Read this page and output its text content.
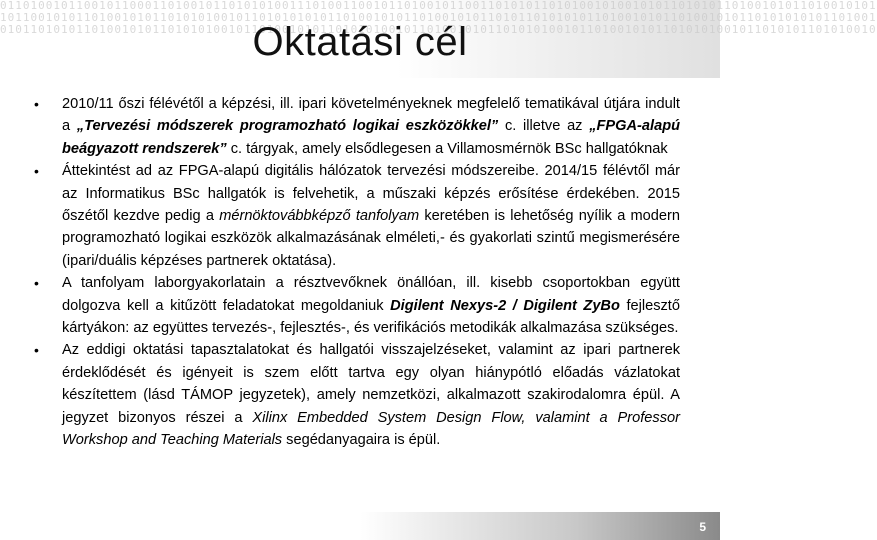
0110100101100101100011010010110101010011101001100101101001011001101010110101001010010101101010110100101011010010101
1011001010110100101011010101001011010101010110100101011010010101101011010101011010010101101001010110101010101101001
0101101010110100101011010101001011010010101101010100101101001010110101010010110100101011010101001011010101101010010
Oktatási cél
• 2010/11 őszi félévétől a képzési, ill. ipari követelményeknek megfelelő tematikával útjára indult a „Tervezési módszerek programozható logikai eszközökkel” c. illetve az „FPGA-alapú beágyazott rendszerek” c. tárgyak, amely elsődlegesen a Villamosmérnök BSc hallgatóknak
• Áttekintést ad az FPGA-alapú digitális hálózatok tervezési módszereibe. 2014/15 félévtől már az Informatikus BSc hallgatók is felvehetik, a műszaki képzés erősítése érdekében. 2015 őszétől kezdve pedig a mérnöktovábbképző tanfolyam keretében is lehetőség nyílik a modern programozható logikai eszközök alkalmazásának elméleti,- és gyakorlati szintű megismerésére (ipari/duális képzéses partnerek oktatása).
• A tanfolyam laborgyakorlatain a résztvevőknek önállóan, ill. kisebb csoportokban együtt dolgozva kell a kitűzött feladatokat megoldaniuk Digilent Nexys-2 / Digilent ZyBo fejlesztő kártyákon: az együttes tervezés-, fejlesztés-, és verifikációs metodikák alkalmazása szükséges.
• Az eddigi oktatási tapasztalatokat és hallgatói visszajelzéseket, valamint az ipari partnerek érdeklődését és igényeit is szem előtt tartva egy olyan hiánypótló előadás vázlatokat készítettem (lásd TÁMOP jegyzetek), amely nemzetközi, alkalmazott szakirodalomra épül. A jegyzet bizonyos részei a Xilinx Embedded System Design Flow, valamint a Professor Workshop and Teaching Materials segédanyagaira is épül.
5
